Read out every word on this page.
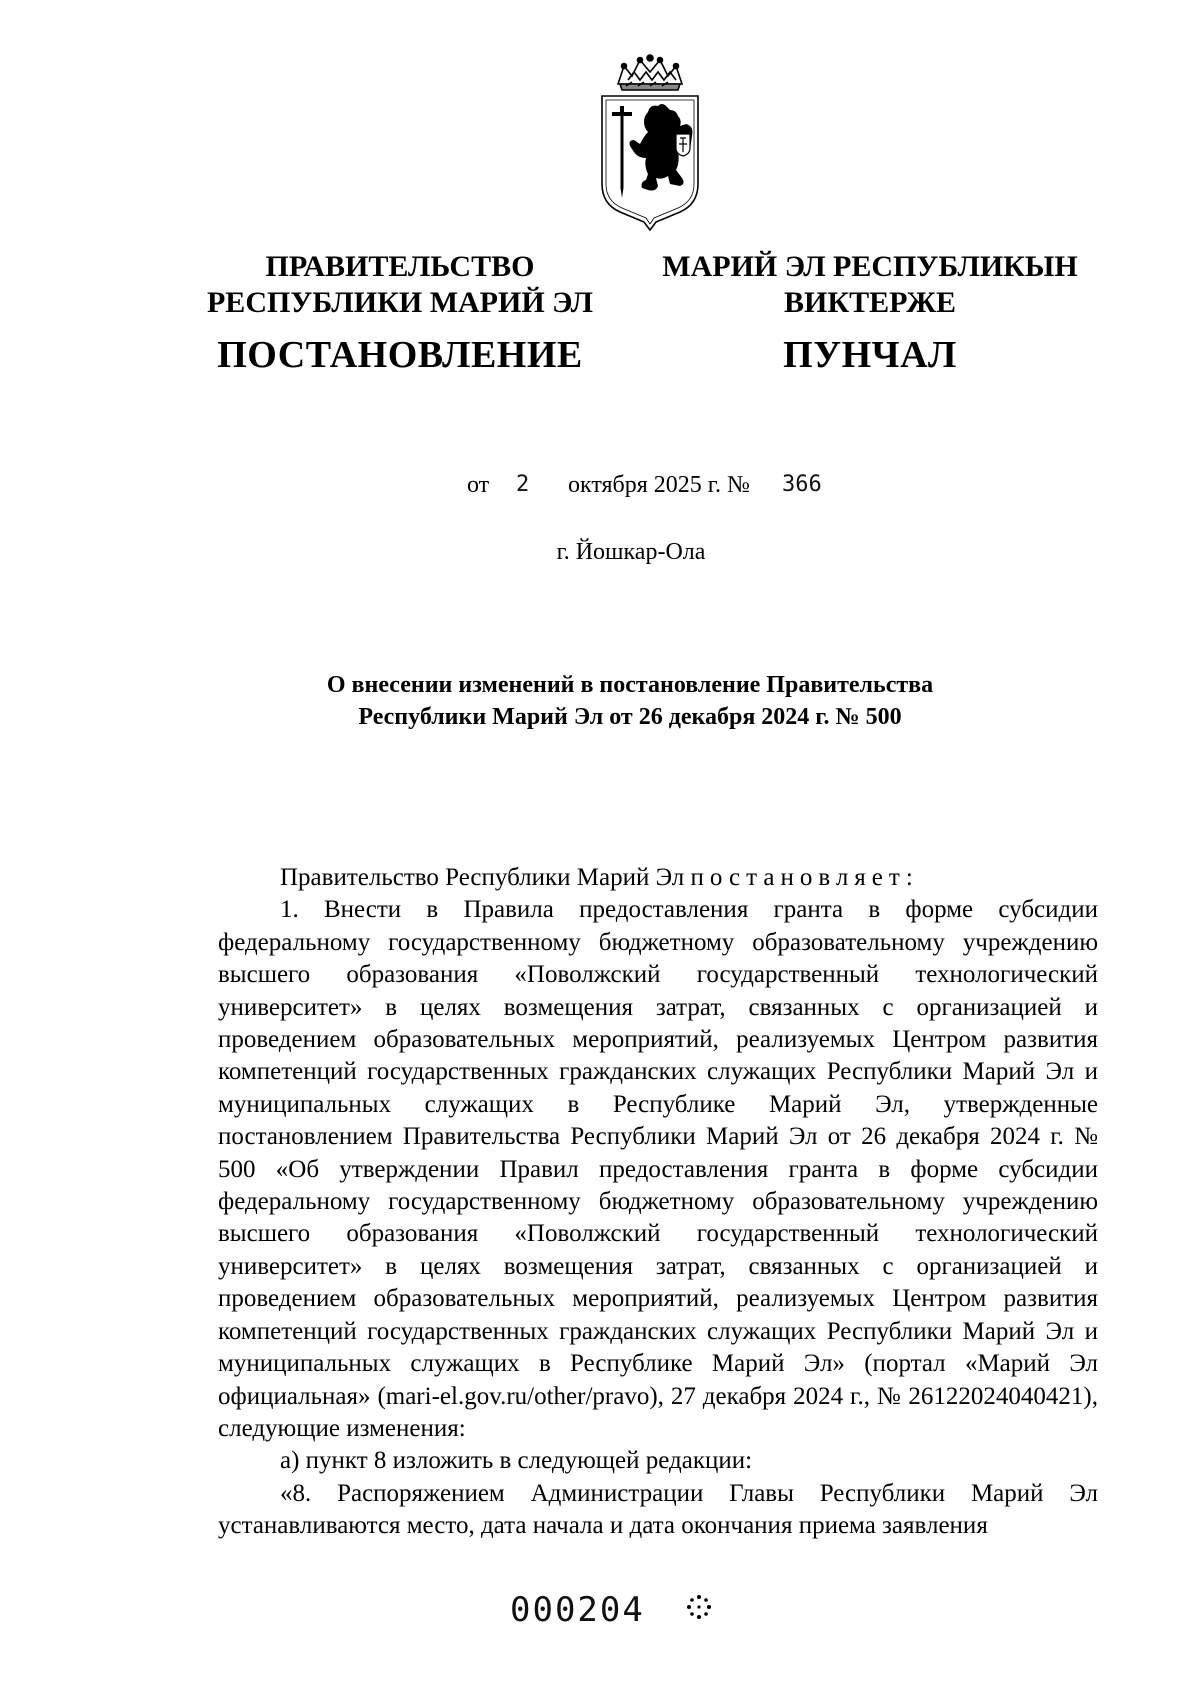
ПРАВИТЕЛЬСТВО
РЕСПУБЛИКИ МАРИЙ ЭЛ
ПОСТАНОВЛЕНИЕ
МАРИЙ ЭЛ РЕСПУБЛИКЫН
ВИКТЕРЖЕ
ПУНЧАЛ
от 2 октября 2025 г. № 366
г. Йошкар-Ола
О внесении изменений в постановление Правительства
Республики Марий Эл от 26 декабря 2024 г. № 500

Правительство Республики Марий Эл постановляет:

1. Внести в Правила предоставления гранта в форме субсидии федеральному государственному бюджетному образовательному учреждению высшего образования «Поволжский государственный технологический университет» в целях возмещения затрат, связанных с организацией и проведением образовательных мероприятий, реализуемых Центром развития компетенций государственных гражданских служащих Республики Марий Эл и муниципальных служащих в Республике Марий Эл, утвержденные постановлением Правительства Республики Марий Эл от 26 декабря 2024 г. № 500 «Об утверждении Правил предоставления гранта в форме субсидии федеральному государственному бюджетному образовательному учреждению высшего образования «Поволжский государственный технологический университет» в целях возмещения затрат, связанных с организацией и проведением образовательных мероприятий, реализуемых Центром развития компетенций государственных гражданских служащих Республики Марий Эл и муниципальных служащих в Республике Марий Эл» (портал «Марий Эл официальная» (mari-el.gov.ru/other/pravo), 27 декабря 2024 г., № 26122024040421), следующие изменения:

а) пункт 8 изложить в следующей редакции:

«8. Распоряжением Администрации Главы Республики Марий Эл устанавливаются место, дата начала и дата окончания приема заявления

000204
